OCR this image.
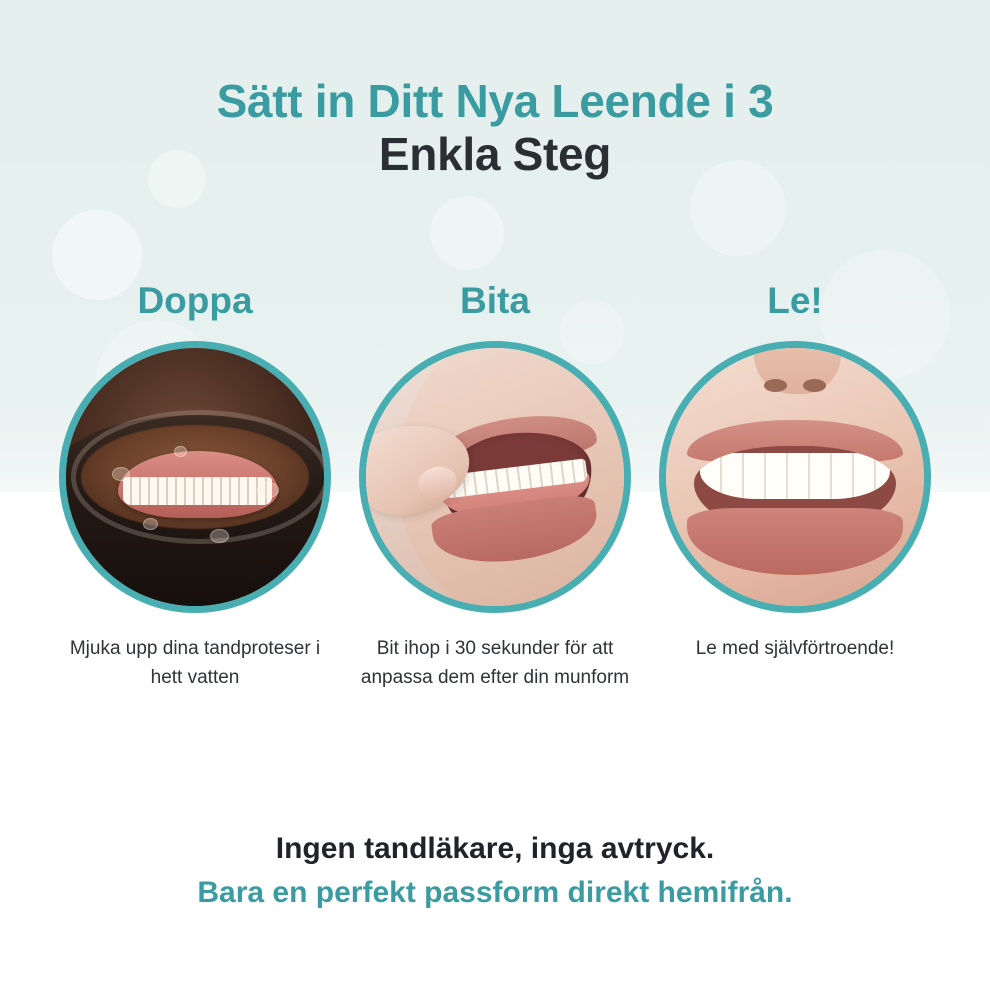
Sätt in Ditt Nya Leende i 3
Enkla Steg
Doppa
Mjuka upp dina tandproteser i hett vatten
Bita
Bit ihop i 30 sekunder för att anpassa dem efter din munform
Le!
Le med självförtroende!
Ingen tandläkare, inga avtryck.
Bara en perfekt passform direkt hemifrån.
